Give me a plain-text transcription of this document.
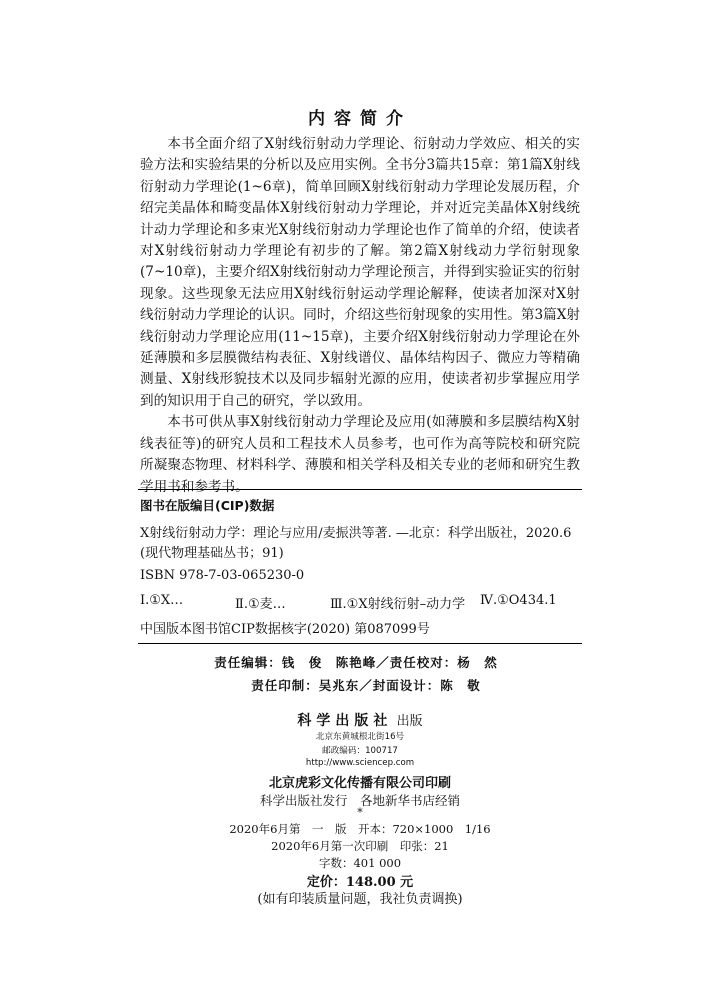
内容简介

本书全面介绍了X射线衍射动力学理论、衍射动力学效应、相关的实验方法和实验结果的分析以及应用实例。全书分3篇共15章：第1篇X射线衍射动力学理论(1~6章)，简单回顾X射线衍射动力学理论发展历程，介绍完美晶体和畸变晶体X射线衍射动力学理论，并对近完美晶体X射线统计动力学理论和多束光X射线衍射动力学理论也作了简单的介绍，使读者对X射线衍射动力学理论有初步的了解。第2篇X射线动力学衍射现象(7~10章)，主要介绍X射线衍射动力学理论预言，并得到实验证实的衍射现象。这些现象无法应用X射线衍射运动学理论解释，使读者加深对X射线衍射动力学理论的认识。同时，介绍这些衍射现象的实用性。第3篇X射线衍射动力学理论应用(11~15章)，主要介绍X射线衍射动力学理论在外延薄膜和多层膜微结构表征、X射线谱仪、晶体结构因子、微应力等精确测量、X射线形貌技术以及同步辐射光源的应用，使读者初步掌握应用学到的知识用于自己的研究，学以致用。

本书可供从事X射线衍射动力学理论及应用(如薄膜和多层膜结构X射线表征等)的研究人员和工程技术人员参考，也可作为高等院校和研究院所凝聚态物理、材料科学、薄膜和相关学科及相关专业的老师和研究生教学用书和参考书。

图书在版编目(CIP)数据

X射线衍射动力学：理论与应用/麦振洪等著. —北京：科学出版社，2020.6

(现代物理基础丛书；91)

ISBN 978-7-03-065230-0

Ⅰ.①X…	Ⅱ.①麦…	Ⅲ.①X射线衍射–动力学	Ⅳ.①O434.1

中国版本图书馆CIP数据核字(2020) 第087099号

责任编辑：钱　俊　陈艳峰／责任校对：杨　然

责任印制：吴兆东／封面设计：陈　敬

科学出版社 出版

北京东黄城根北街16号

邮政编码：100717

http://www.sciencep.com

北京虎彩文化传播有限公司印刷

科学出版社发行　各地新华书店经销

*

2020年6月第　一　版　开本：720×1000　1/16

2020年6月第一次印刷　印张：21

字数：401 000

定价：148.00 元

(如有印装质量问题，我社负责调换)
